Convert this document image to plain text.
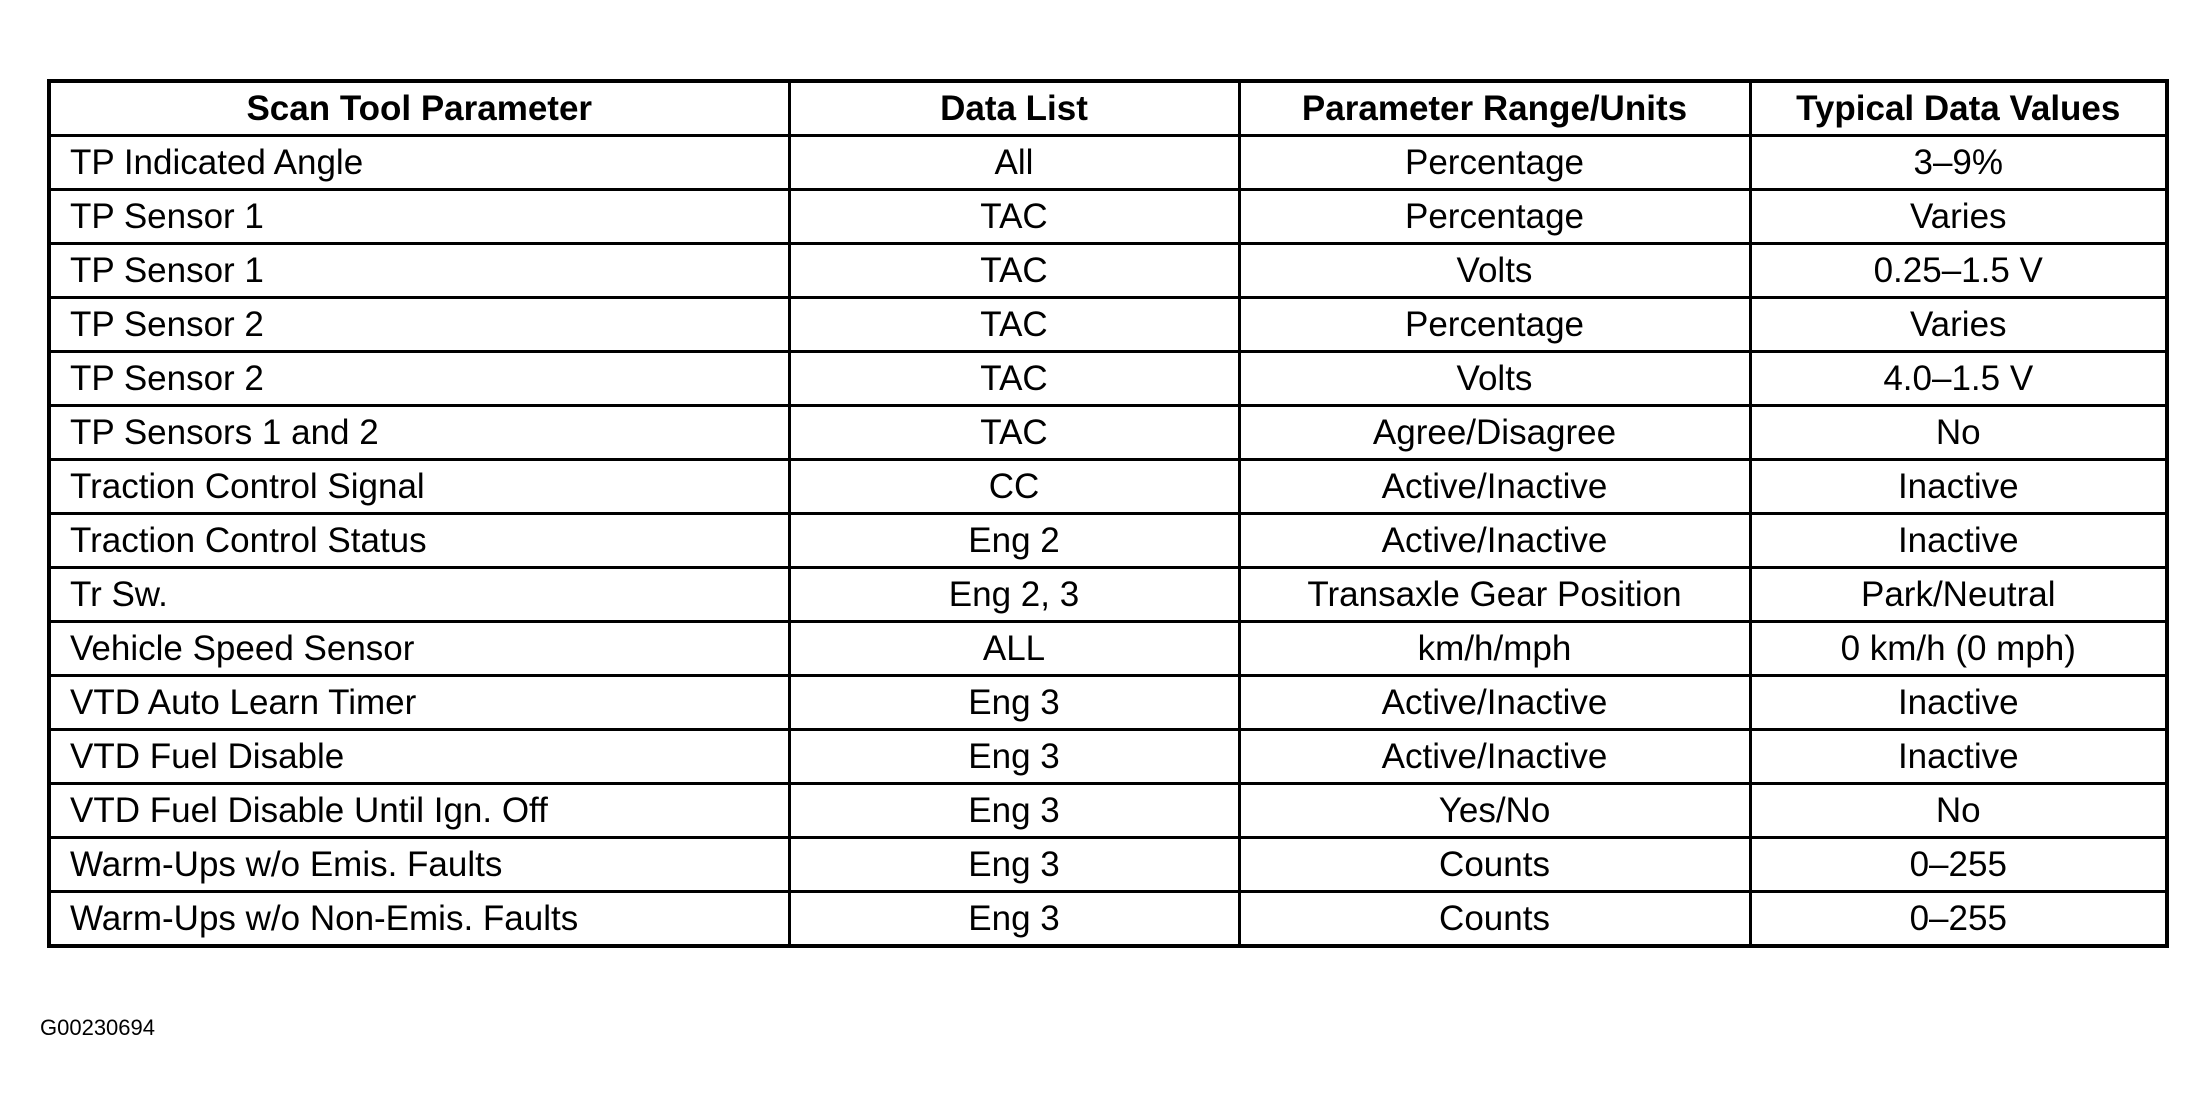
Scan Tool Parameter	Data List	Parameter Range/Units	Typical Data Values
TP Indicated Angle	All	Percentage	3–9%
TP Sensor 1	TAC	Percentage	Varies
TP Sensor 1	TAC	Volts	0.25–1.5 V
TP Sensor 2	TAC	Percentage	Varies
TP Sensor 2	TAC	Volts	4.0–1.5 V
TP Sensors 1 and 2	TAC	Agree/Disagree	No
Traction Control Signal	CC	Active/Inactive	Inactive
Traction Control Status	Eng 2	Active/Inactive	Inactive
Tr Sw.	Eng 2, 3	Transaxle Gear Position	Park/Neutral
Vehicle Speed Sensor	ALL	km/h/mph	0 km/h (0 mph)
VTD Auto Learn Timer	Eng 3	Active/Inactive	Inactive
VTD Fuel Disable	Eng 3	Active/Inactive	Inactive
VTD Fuel Disable Until Ign. Off	Eng 3	Yes/No	No
Warm-Ups w/o Emis. Faults	Eng 3	Counts	0–255
Warm-Ups w/o Non-Emis. Faults	Eng 3	Counts	0–255
G00230694
